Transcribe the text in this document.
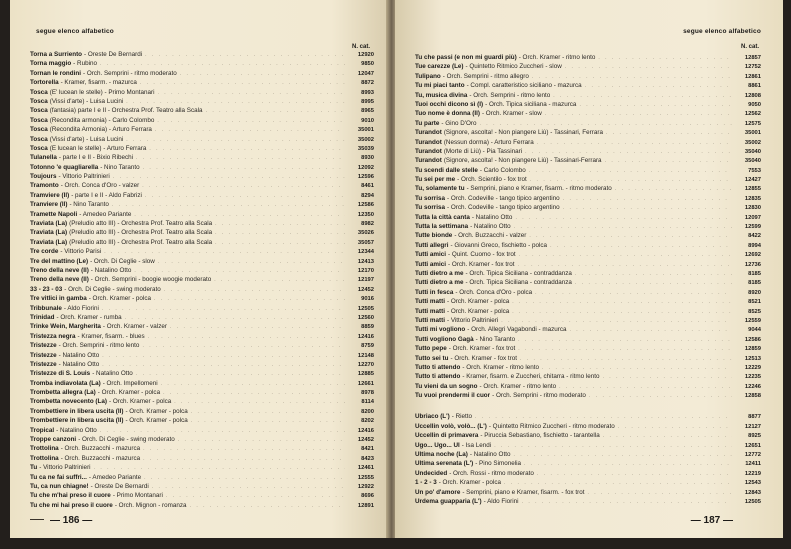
segue elenco alfabetico
N. cat.
Torna a Surriento - Oreste De Bernardi . . .	12920
Torna maggio - Rubino . . .	9850
Tornan le rondini - Orch. Semprini - ritmo moderato . . .	12047
Tortorella - Kramer, fisarm. - mazurca . . .	8872
Tosca (E' lucean le stelle) - Primo Montanari . . .	8993
Tosca (Vissi d'arte) - Luisa Lucini . . .	8995
Tosca (fantasia) parte I e II - Orchestra Prof. Teatro alla Scala . . .	8965
Tosca (Recondita armonia) - Carlo Colombo . . .	9010
Tosca (Recondita Armonia) - Arturo Ferrara . . .	35001
Tosca (Vissi d'arte) - Luisa Lucini . . .	35002
Tosca (E lucean le stelle) - Arturo Ferrara . . .	35039
Tulanella - parte I e II - Bixio Ribechi . . .	8930
Totonno 'e quagliarella - Nino Taranto . . .	12092
Toujours - Vittorio Paltrinieri . . .	12596
Tramonto - Orch. Conca d'Oro - valzer . . .	8461
Tramviere (Il) - parte I e II - Aldo Fabrizi . . .	8294
Tranviere (Il) - Nino Taranto . . .	12586
Tramette Napoli - Amedeo Pariante . . .	12350
Traviata (La) (Preludio atto III) - Orchestra Prof. Teatro alla Scala . . .	8982
Traviata (La) (Preludio atto III) - Orchestra Prof. Teatro alla Scala . . .	35026
Traviata (La) (Preludio atto III) - Orchestra Prof. Teatro alla Scala . . .	35057
Tre corde - Vittorio Parisi . . .	12344
Tre del mattino (Le) - Orch. Di Ceglie - slow . . .	12413
Treno della neve (Il) - Natalino Otto . . .	12170
Treno della neve (Il) - Orch. Semprini - boogie woogie moderato . . .	12197
33 - 23 - 03 - Orch. Di Ceglie - swing moderato . . .	12452
Tre vitlici in gamba - Orch. Kramer - polca . . .	9016
Tribbunale - Aldo Fiorini . . .	12505
Trinidad - Orch. Kramer - rumba . . .	12560
Trinke Wein, Margherita - Orch. Kramer - valzer . . .	8859
Tristezza negra - Kramer, fisarm. - blues . . .	12416
Tristezze - Orch. Semprini - ritmo lento . . .	8759
Tristezze - Natalino Otto . . .	12148
Tristezze - Natalino Otto . . .	12270
Tristezze di S. Louis - Natalino Otto . . .	12885
Tromba indiavolata (La) - Orch. Impellomeni . . .	12661
Trombetta allegra (La) - Orch. Kramer - polca . . .	8978
Trombetta novecento (La) - Orch. Kramer - polca . . .	8114
Trombettiere in libera uscita (Il) - Orch. Kramer - polca . . .	8200
Trombettiere in libera uscita (Il) - Orch. Kramer - polca . . .	8202
Tropical - Natalino Otto . . .	12416
Troppe canzoni - Orch. Di Ceglie - swing moderato . . .	12452
Trottolina - Orch. Buzzacchi - mazurca . . .	8421
Trottolina - Orch. Buzzacchi - mazurca . . .	8423
Tu - Vittorio Paltrinieri . . .	12461
Tu ca ne fai suffri... - Amedeo Pariante . . .	12555
Tu, ca nun chiagne! - Oreste De Bernardi . . .	12922
Tu che m'hai preso il cuore - Primo Montanari . . .	8696
Tu che mi hai preso il cuore - Orch. Mignon - romanza . . .	12891
— 186 —
segue elenco alfabetico
N. cat.
Tu che passi (e non mi guardi più) - Orch. Kramer - ritmo lento . . .	12857
Tue carezze (Le) - Quintetto Ritmico Zuccheri - slow . . .	12752
Tulipano - Orch. Semprini - ritmo allegro . . .	12861
Tu mi piaci tanto - Compl. caratteristico siciliano - mazurca . . .	8861
Tu, musica divina - Orch. Semprini - ritmo lento . . .	12808
Tuoi occhi dicono sì (I) - Orch. Tipica siciliana - mazurca . . .	9050
Tuo nome è donna (Il) - Orch. Kramer - slow . . .	12562
Tu parte - Gino D'Oro . . .	12575
Turandot (Signore, ascolta! - Non piangere Liù) - Tassinari, Ferrara . . .	35001
Turandot (Nessun dorma) - Arturo Ferrara . . .	35002
Turandot (Morte di Liù) - Pia Tassinari . . .	35040
Turandot (Signore, ascolta! - Non piangere Liù) - Tassinari-Ferrara . . .	35040
Tu scendi dalle stelle - Carlo Colombo . . .	7553
Tu sei per me - Orch. Scientilo - fox trot . . .	12427
Tu, solamente tu - Semprini, piano e Kramer, fisarm. - ritmo moderato . . .	12855
Tu sorrisa - Orch. Codeville - tango tipico argentino . . .	12835
Tu sorrisa - Orch. Codeville - tango tipico argentino . . .	12830
Tutta la città canta - Natalino Otto . . .	12097
Tutta la settimana - Natalino Otto . . .	12599
Tutte bionde - Orch. Buzzacchi - valzer . . .	8422
Tutti allegri - Giovanni Greco, fischietto - polca . . .	8994
Tutti amici - Quint. Cuomo - fox trot . . .	12692
Tutti amici - Orch. Kramer - fox trot . . .	12736
Tutti dietro a me - Orch. Tipica Siciliana - contraddanza . . .	8185
Tutti dietro a me - Orch. Tipica Siciliana - contraddanza . . .	8185
Tutti in fesca - Orch. Conca d'Oro - polca . . .	8920
Tutti matti - Orch. Kramer - polca . . .	8521
Tutti matti - Orch. Kramer - polca . . .	8525
Tutti matti - Vittorio Paltrinieri . . .	12559
Tutti mi vogliono - Orch. Allegri Vagabondi - mazurca . . .	9044
Tutti vogliono Gagà - Nino Taranto . . .	12586
Tutto pepe - Orch. Kramer - fox trot . . .	12859
Tutto sei tu - Orch. Kramer - fox trot . . .	12513
Tutto ti attendo - Orch. Kramer - ritmo lento . . .	12229
Tutto ti attendo - Kramer, fisarm. e Zuccheri, chitarra - ritmo lento . . .	12235
Tu vieni da un sogno - Orch. Kramer - ritmo lento . . .	12246
Tu vuoi prendermi il cuor - Orch. Semprini - ritmo moderato . . .	12858
Ubriaco (L') - Rietto . . .	8877
Uccellin volò, volò... (L') - Quintetto Ritmico Zuccheri - ritmo moderato . . .	12127
Uccellin di primavera - Piruccia Sebastiano, fischietto - tarantella . . .	8925
Ugo... Ugo... Ul - Isa Lendi . . .	12651
Ultima noche (La) - Natalino Otto . . .	12772
Ultima serenata (L') - Pino Simonelia . . .	12411
Undecided - Orch. Rossi - ritmo moderato . . .	12219
1 - 2 - 3 - Orch. Kramer - polca . . .	12543
Un po' d'amore - Semprini, piano e Kramer, fisarm. - fox trot . . .	12843
Urdema guapparia (L') - Aldo Fiorini . . .	12505
— 187 —
